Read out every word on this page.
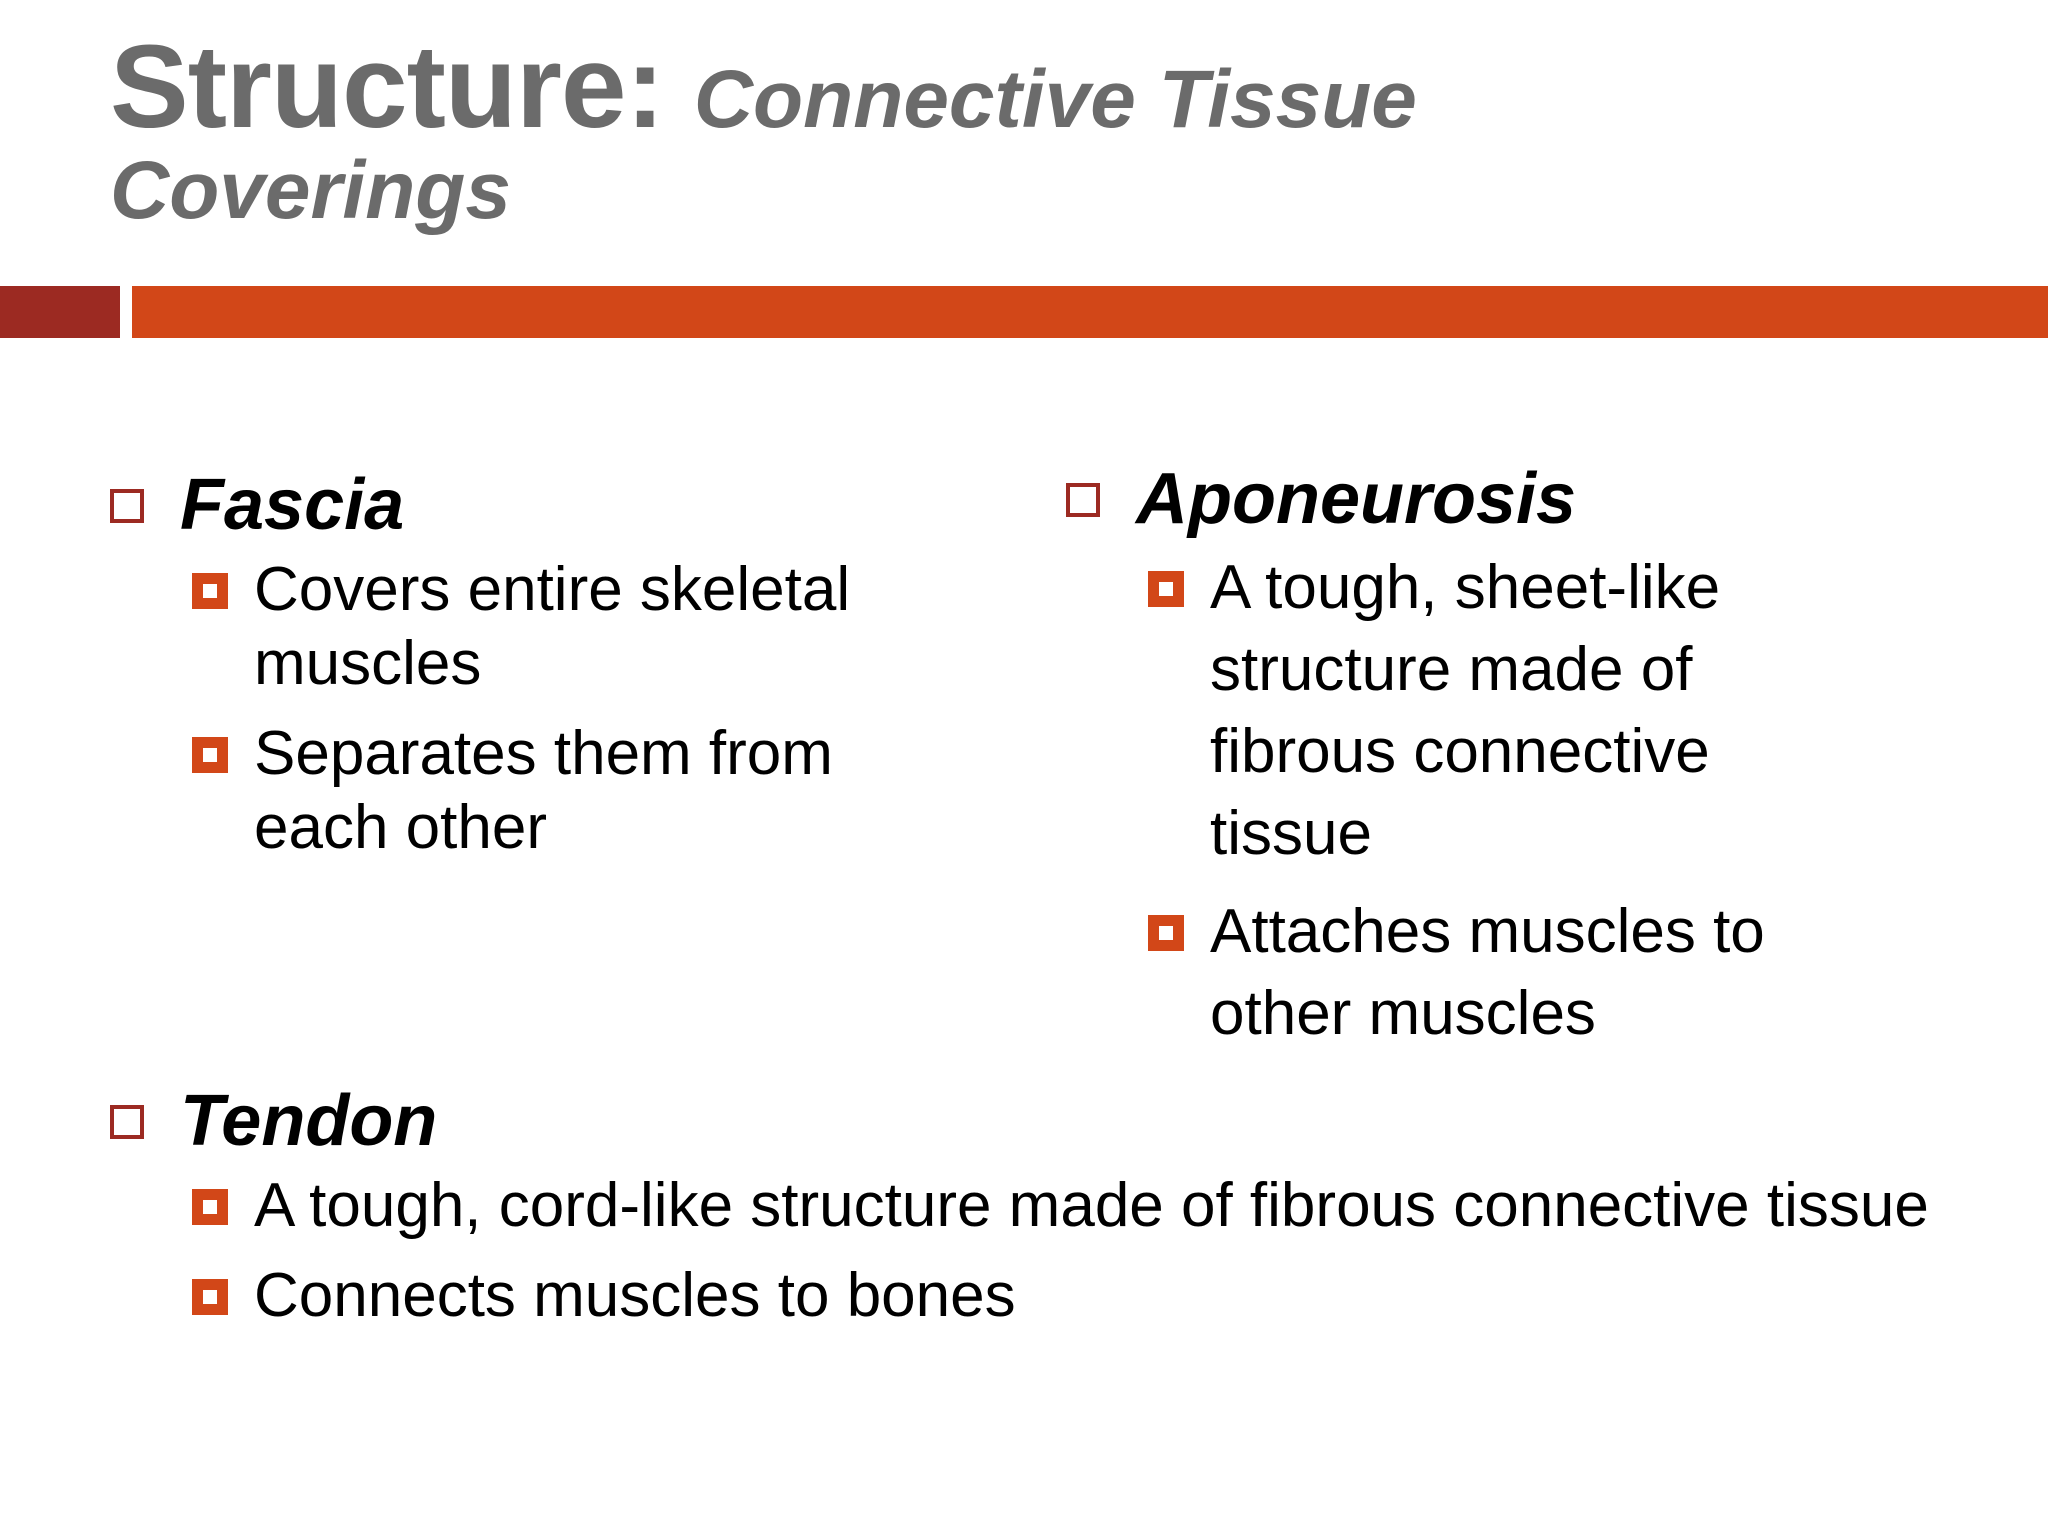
Structure: Connective Tissue
Coverings
Fascia
Covers entire skeletal muscles
Separates them from each other
Aponeurosis
A tough, sheet-like structure made of fibrous connective tissue
Attaches muscles to other muscles
Tendon
A tough, cord-like structure made of fibrous connective tissue
Connects muscles to bones
